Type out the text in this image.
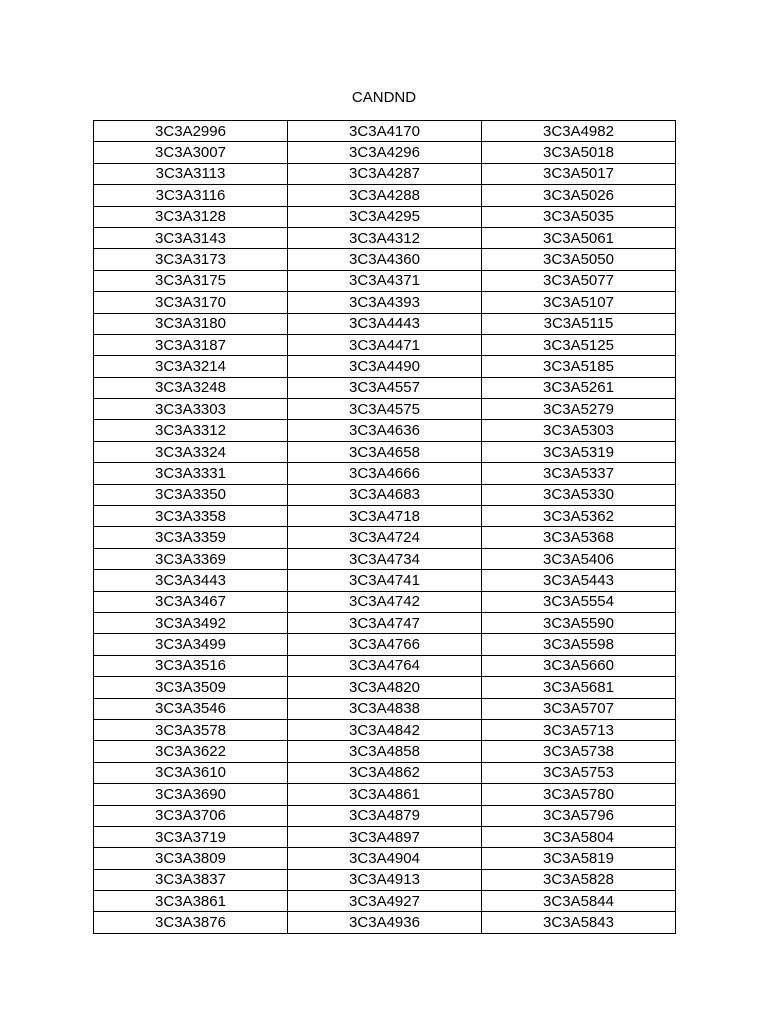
CANDND
3C3A2996	3C3A4170	3C3A4982
3C3A3007	3C3A4296	3C3A5018
3C3A3113	3C3A4287	3C3A5017
3C3A3116	3C3A4288	3C3A5026
3C3A3128	3C3A4295	3C3A5035
3C3A3143	3C3A4312	3C3A5061
3C3A3173	3C3A4360	3C3A5050
3C3A3175	3C3A4371	3C3A5077
3C3A3170	3C3A4393	3C3A5107
3C3A3180	3C3A4443	3C3A5115
3C3A3187	3C3A4471	3C3A5125
3C3A3214	3C3A4490	3C3A5185
3C3A3248	3C3A4557	3C3A5261
3C3A3303	3C3A4575	3C3A5279
3C3A3312	3C3A4636	3C3A5303
3C3A3324	3C3A4658	3C3A5319
3C3A3331	3C3A4666	3C3A5337
3C3A3350	3C3A4683	3C3A5330
3C3A3358	3C3A4718	3C3A5362
3C3A3359	3C3A4724	3C3A5368
3C3A3369	3C3A4734	3C3A5406
3C3A3443	3C3A4741	3C3A5443
3C3A3467	3C3A4742	3C3A5554
3C3A3492	3C3A4747	3C3A5590
3C3A3499	3C3A4766	3C3A5598
3C3A3516	3C3A4764	3C3A5660
3C3A3509	3C3A4820	3C3A5681
3C3A3546	3C3A4838	3C3A5707
3C3A3578	3C3A4842	3C3A5713
3C3A3622	3C3A4858	3C3A5738
3C3A3610	3C3A4862	3C3A5753
3C3A3690	3C3A4861	3C3A5780
3C3A3706	3C3A4879	3C3A5796
3C3A3719	3C3A4897	3C3A5804
3C3A3809	3C3A4904	3C3A5819
3C3A3837	3C3A4913	3C3A5828
3C3A3861	3C3A4927	3C3A5844
3C3A3876	3C3A4936	3C3A5843
